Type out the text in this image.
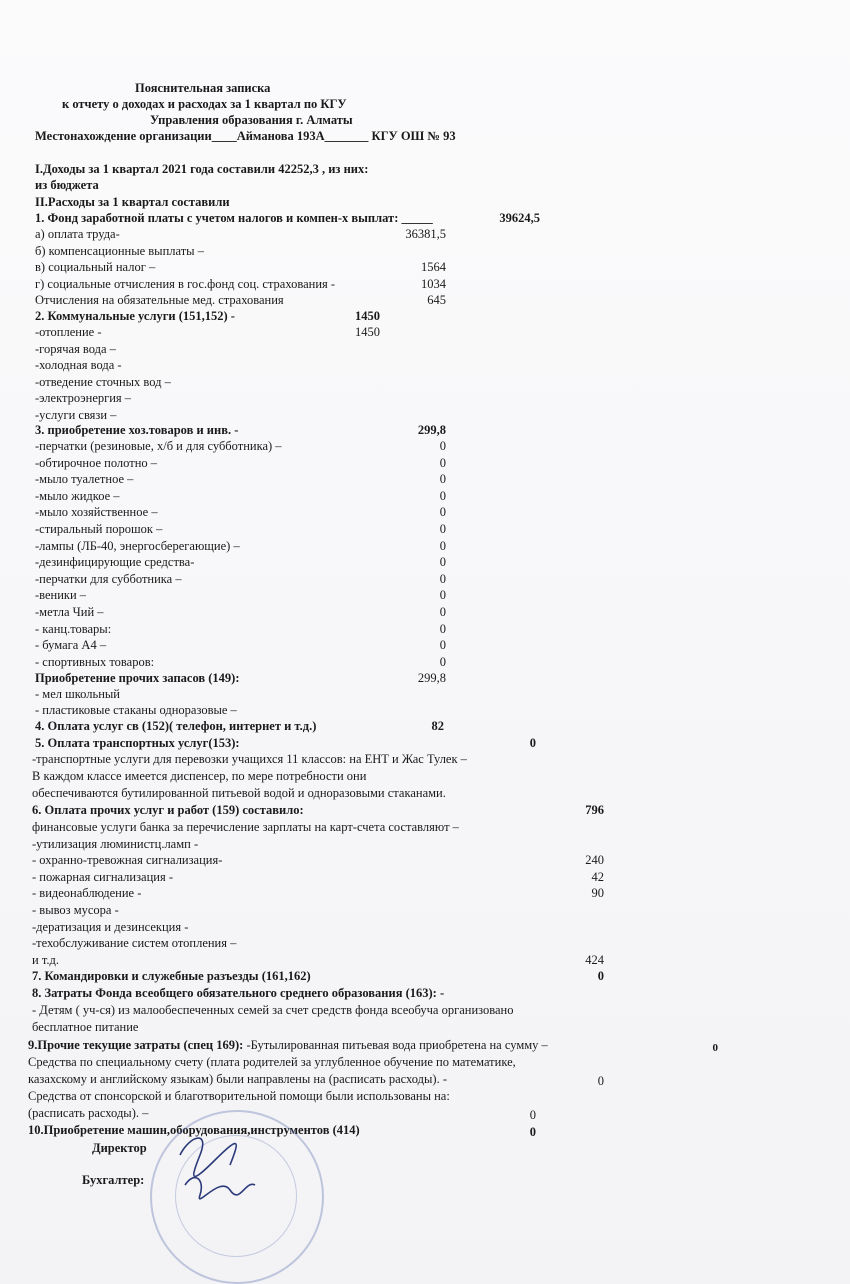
Пояснительная записка
к отчету о доходах и расходах за 1 квартал по КГУ
Управления образования г. Алматы
Местонахождение организации____Айманова 193А_______ КГУ ОШ № 93
I.Доходы за 1 квартал 2021 года составили 42252,3 , из них:
из бюджета
II.Расходы за 1 квартал составили
1. Фонд заработной платы с учетом налогов и компен-х выплат: _____	39624,5
а) оплата труда-	36381,5
б) компенсационные выплаты –
в) социальный налог –	1564
г) социальные отчисления в гос.фонд соц. страхования -	1034
Отчисления на обязательные мед. страхования	645
2. Коммунальные услуги (151,152) -	1450
-отопление -	1450
-горячая вода –
-холодная вода -
-отведение сточных вод –
-электроэнергия –
-услуги связи –
3. приобретение хоз.товаров и инв. -	299,8
-перчатки (резиновые, х/б и для субботника) –	0
-обтирочное полотно –	0
-мыло туалетное –	0
-мыло жидкое –	0
-мыло хозяйственное –	0
-стиральный порошок –	0
-лампы (ЛБ-40, энергосберегающие) –	0
-дезинфицирующие средства-	0
-перчатки для субботника –	0
-веники –	0
-метла Чий –	0
- канц.товары:	0
- бумага А4 –	0
- спортивных товаров:	0
Приобретение прочих запасов (149):	299,8
- мел школьный
- пластиковые стаканы одноразовые –
4. Оплата услуг св (152)( телефон, интернет и т.д.)	82
5. Оплата транспортных услуг(153):	0
-транспортные услуги для перевозки учащихся 11 классов: на ЕНТ и Жас Тулек –
В каждом классе имеется диспенсер, по мере потребности они
обеспечиваются бутилированной питьевой водой и одноразовыми стаканами.
6. Оплата прочих услуг и работ (159) составило:	796
финансовые услуги банка за перечисление зарплаты на карт-счета составляют –
-утилизация люминистц.ламп -
- охранно-тревожная сигнализация-	240
- пожарная сигнализация -	42
- видеонаблюдение -	90
- вывоз мусора -
-дератизация и дезинсекция -
-техобслуживание систем отопления –
и т.д.	424
7. Командировки и служебные разъезды (161,162)	0
8. Затраты Фонда всеобщего обязательного среднего образования (163): -
- Детям ( уч-ся) из малообеспеченных семей за счет средств фонда всеобуча организовано
бесплатное питание
9.Прочие текущие затраты (спец 169): -Бутылированная питьевая вода приобретена на сумму –	0
Средства по специальному счету (плата родителей за углубленное обучение по математике,
казахскому и английскому языкам) были направлены на (расписать расходы). -	0
Средства от спонсорской и благотворительной помощи были использованы на:
(расписать расходы). –	0
10.Приобретение машин,оборудования,инструментов (414)	0
Директор
Бухгалтер:
